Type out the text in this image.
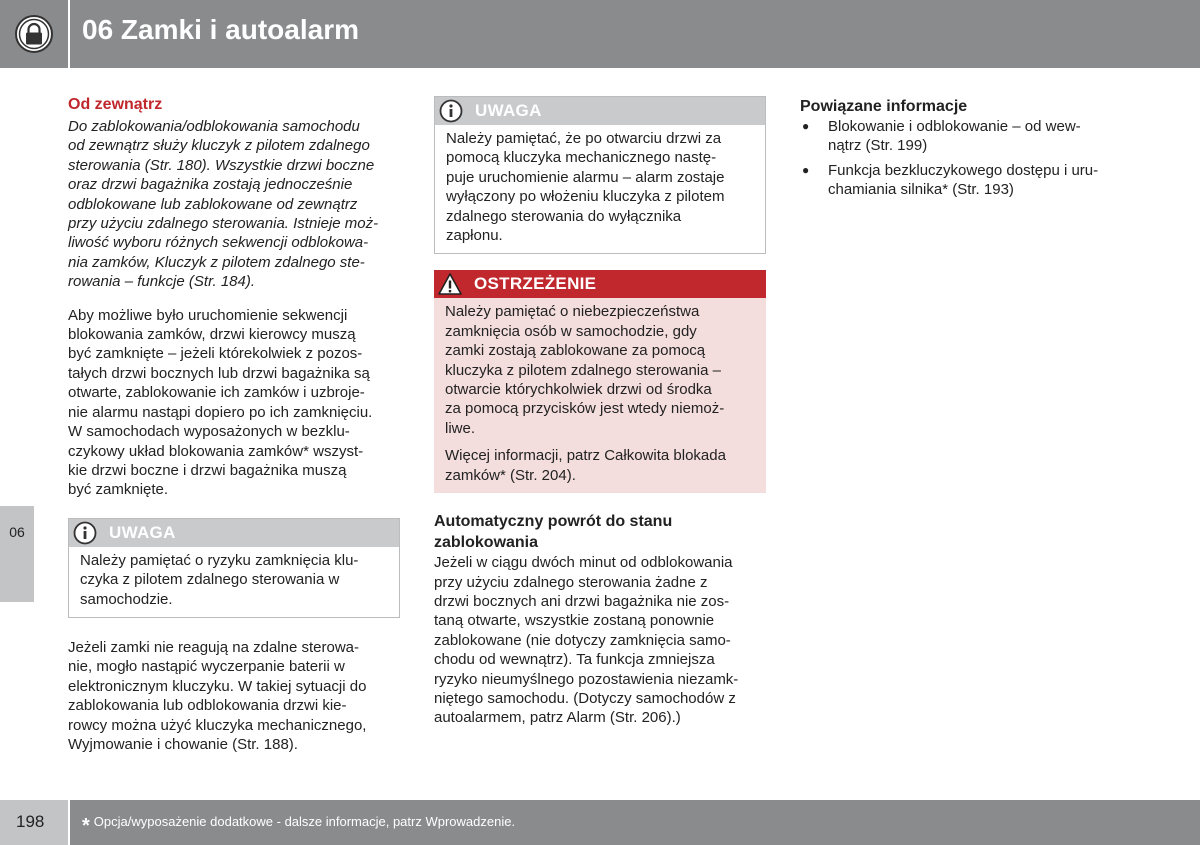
06 Zamki i autoalarm
06

Od zewnątrz

Do zablokowania/odblokowania samochodu
od zewnątrz służy kluczyk z pilotem zdalnego
sterowania (Str. 180). Wszystkie drzwi boczne
oraz drzwi bagażnika zostają jednocześnie
odblokowane lub zablokowane od zewnątrz
przy użyciu zdalnego sterowania. Istnieje moż-
liwość wyboru różnych sekwencji odblokowa-
nia zamków, Kluczyk z pilotem zdalnego ste-
rowania – funkcje (Str. 184).

Aby możliwe było uruchomienie sekwencji
blokowania zamków, drzwi kierowcy muszą
być zamknięte – jeżeli którekolwiek z pozos-
tałych drzwi bocznych lub drzwi bagażnika są
otwarte, zablokowanie ich zamków i uzbroje-
nie alarmu nastąpi dopiero po ich zamknięciu.
W samochodach wyposażonych w bezklu-
czykowy układ blokowania zamków* wszyst-
kie drzwi boczne i drzwi bagażnika muszą
być zamknięte.

UWAGA

Należy pamiętać o ryzyku zamknięcia klu-
czyka z pilotem zdalnego sterowania w
samochodzie.

Jeżeli zamki nie reagują na zdalne sterowa-
nie, mogło nastąpić wyczerpanie baterii w
elektronicznym kluczyku. W takiej sytuacji do
zablokowania lub odblokowania drzwi kie-
rowcy można użyć kluczyka mechanicznego,
Wyjmowanie i chowanie (Str. 188).

UWAGA

Należy pamiętać, że po otwarciu drzwi za
pomocą kluczyka mechanicznego nastę-
puje uruchomienie alarmu – alarm zostaje
wyłączony po włożeniu kluczyka z pilotem
zdalnego sterowania do wyłącznika
zapłonu.

OSTRZEŻENIE

Należy pamiętać o niebezpieczeństwa
zamknięcia osób w samochodzie, gdy
zamki zostają zablokowane za pomocą
kluczyka z pilotem zdalnego sterowania –
otwarcie którychkolwiek drzwi od środka
za pomocą przycisków jest wtedy niemoż-
liwe.

Więcej informacji, patrz Całkowita blokada
zamków* (Str. 204).

Automatyczny powrót do stanu
zablokowania

Jeżeli w ciągu dwóch minut od odblokowania
przy użyciu zdalnego sterowania żadne z
drzwi bocznych ani drzwi bagażnika nie zos-
taną otwarte, wszystkie zostaną ponownie
zablokowane (nie dotyczy zamknięcia samo-
chodu od wewnątrz). Ta funkcja zmniejsza
ryzyko nieumyślnego pozostawienia niezamk-
niętego samochodu. (Dotyczy samochodów z
autoalarmem, patrz Alarm (Str. 206).)

Powiązane informacje

● Blokowanie i odblokowanie – od wew-
nątrz (Str. 199)
● Funkcja bezkluczykowego dostępu i uru-
chamiania silnika* (Str. 193)
198 * Opcja/wyposażenie dodatkowe - dalsze informacje, patrz Wprowadzenie.
